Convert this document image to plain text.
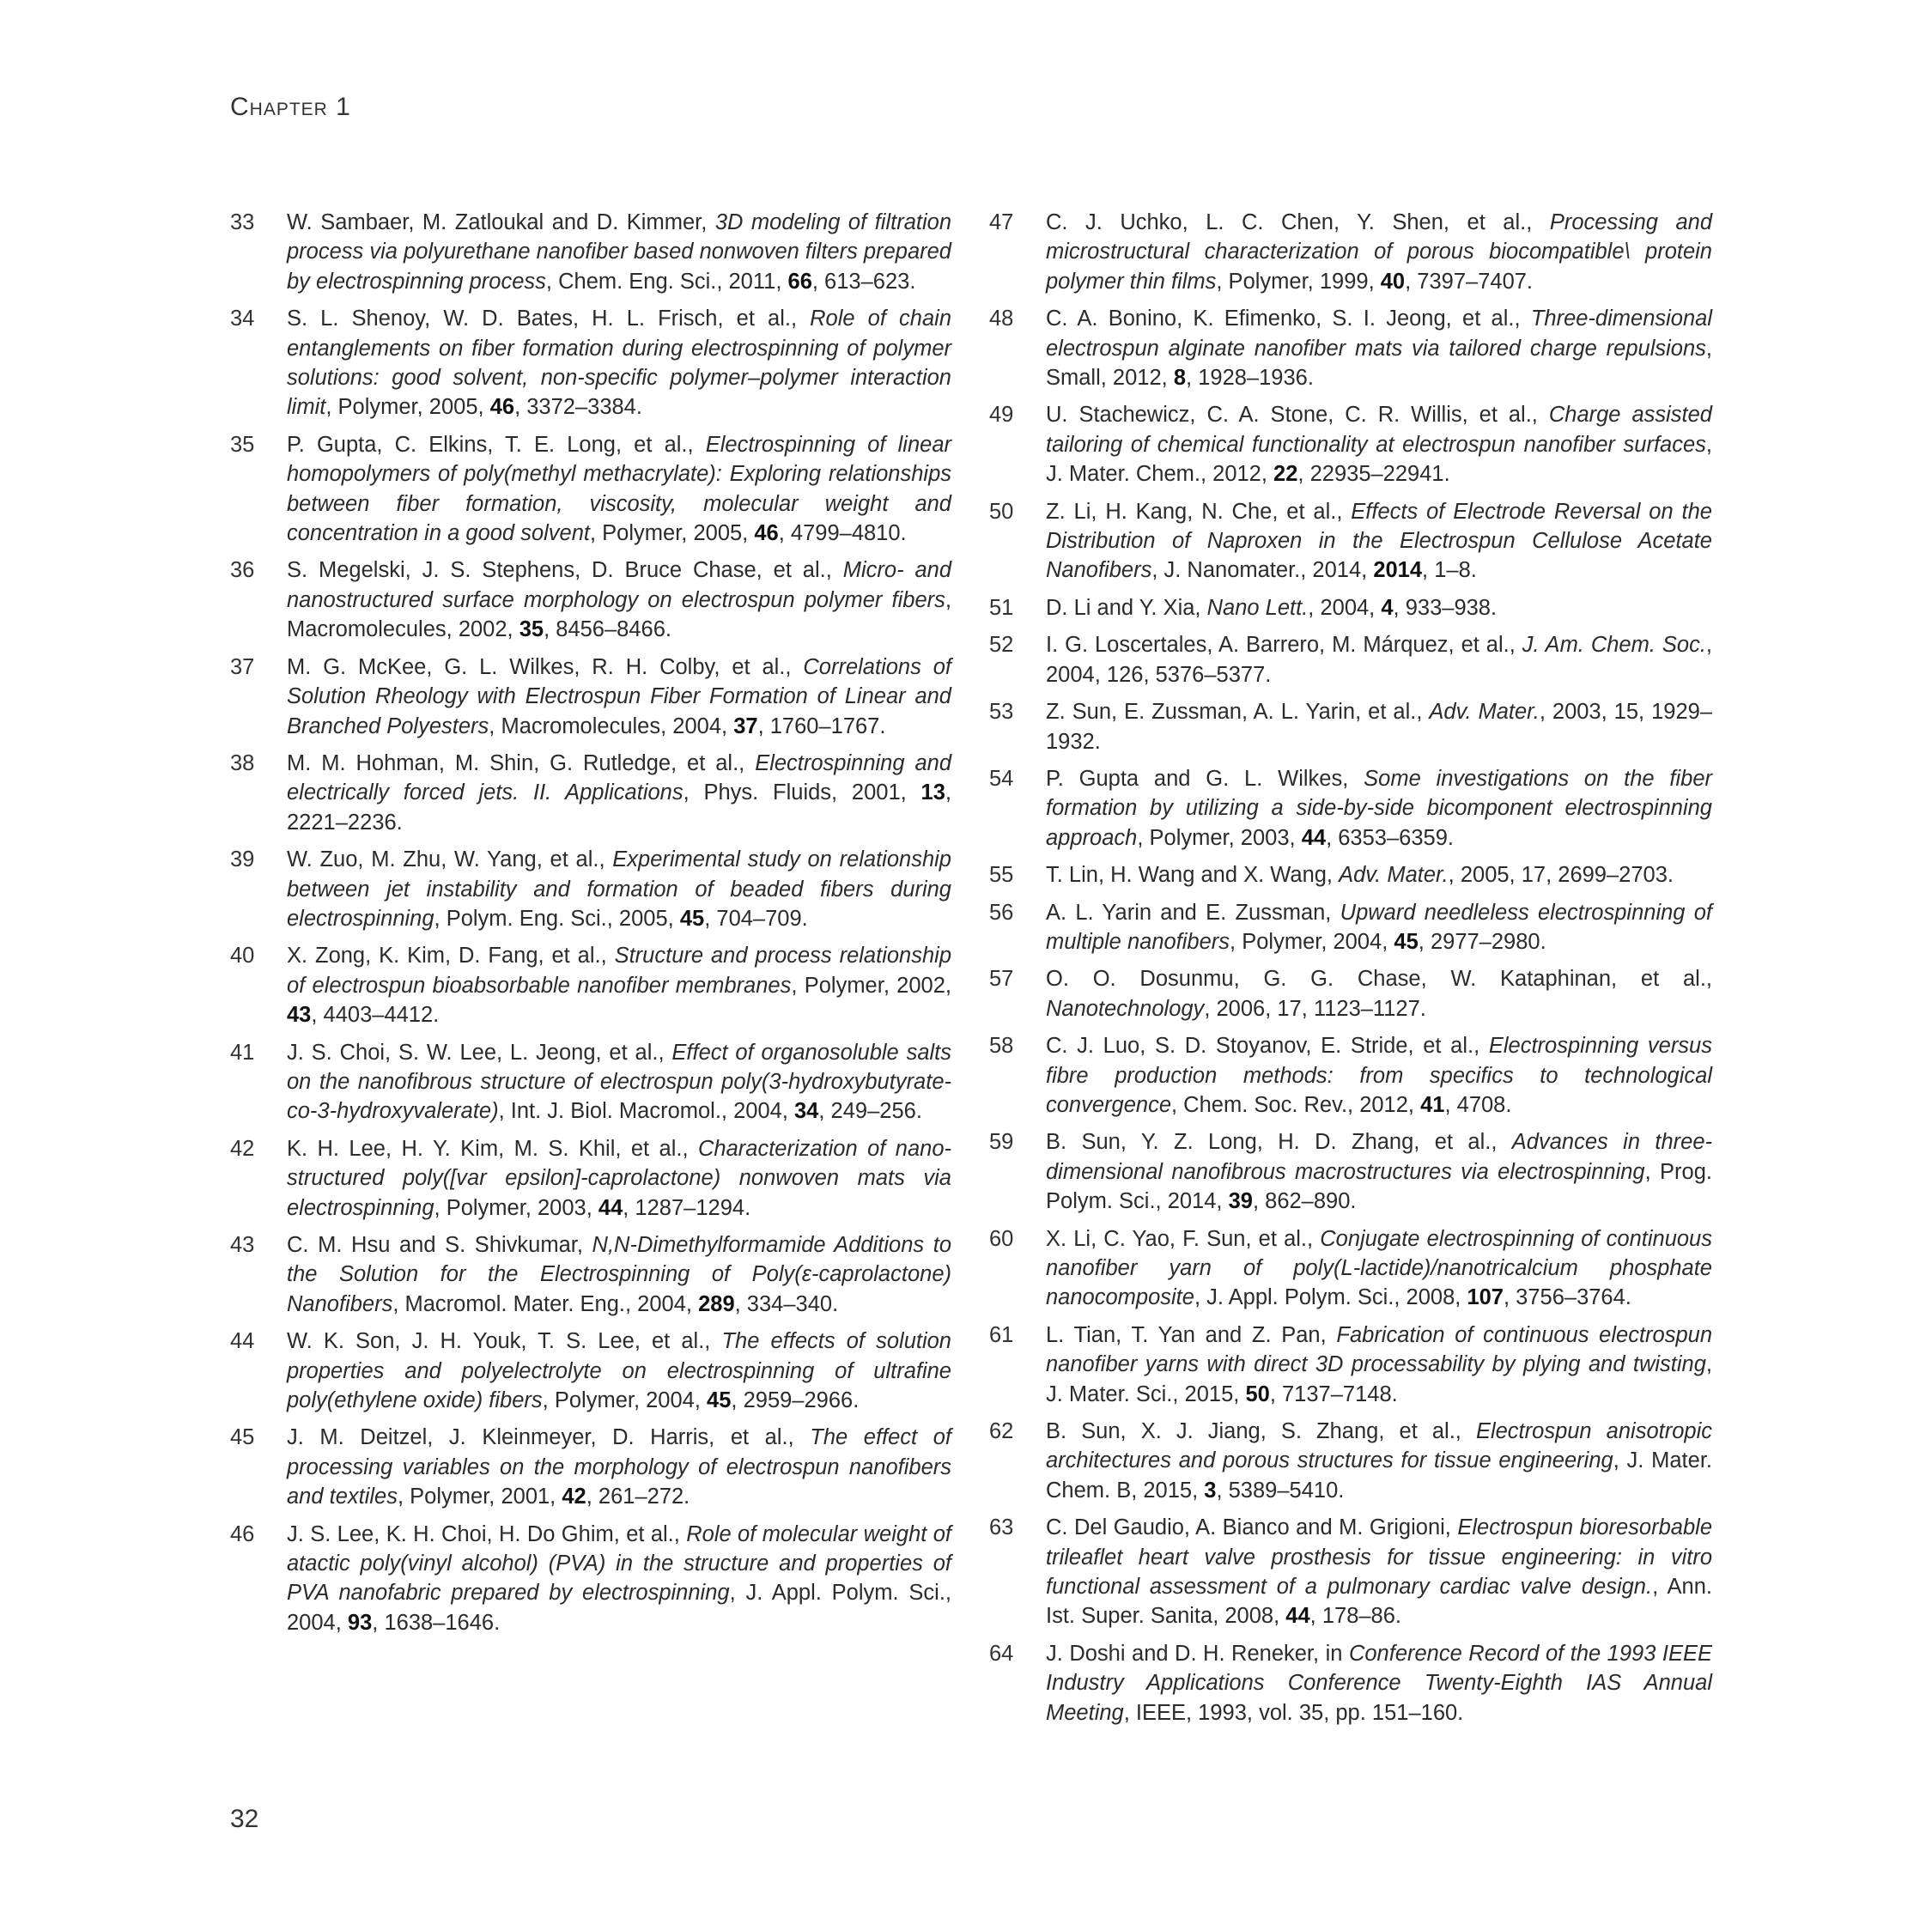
Chapter 1
33	W. Sambaer, M. Zatloukal and D. Kimmer, 3D modeling of filtration process via polyurethane nanofiber based nonwoven filters prepared by electrospinning process, Chem. Eng. Sci., 2011, 66, 613–623.
34	S. L. Shenoy, W. D. Bates, H. L. Frisch, et al., Role of chain entanglements on fiber formation during electrospinning of polymer solutions: good solvent, non-specific polymer–polymer interaction limit, Polymer, 2005, 46, 3372–3384.
35	P. Gupta, C. Elkins, T. E. Long, et al., Electrospinning of linear homopolymers of poly(methyl methacrylate): Exploring relationships between fiber formation, viscosity, molecular weight and concentration in a good solvent, Polymer, 2005, 46, 4799–4810.
36	S. Megelski, J. S. Stephens, D. Bruce Chase, et al., Micro- and nanostructured surface morphology on electrospun polymer fibers, Macromolecules, 2002, 35, 8456–8466.
37	M. G. McKee, G. L. Wilkes, R. H. Colby, et al., Correlations of Solution Rheology with Electrospun Fiber Formation of Linear and Branched Polyesters, Macromolecules, 2004, 37, 1760–1767.
38	M. M. Hohman, M. Shin, G. Rutledge, et al., Electrospinning and electrically forced jets. II. Applications, Phys. Fluids, 2001, 13, 2221–2236.
39	W. Zuo, M. Zhu, W. Yang, et al., Experimental study on relationship between jet instability and formation of beaded fibers during electrospinning, Polym. Eng. Sci., 2005, 45, 704–709.
40	X. Zong, K. Kim, D. Fang, et al., Structure and process relationship of electrospun bioabsorbable nanofiber membranes, Polymer, 2002, 43, 4403–4412.
41	J. S. Choi, S. W. Lee, L. Jeong, et al., Effect of organosoluble salts on the nanofibrous structure of electrospun poly(3-hydroxybutyrate-co-3-hydroxyvalerate), Int. J. Biol. Macromol., 2004, 34, 249–256.
42	K. H. Lee, H. Y. Kim, M. S. Khil, et al., Characterization of nano-structured poly([var epsilon]-caprolactone) nonwoven mats via electrospinning, Polymer, 2003, 44, 1287–1294.
43	C. M. Hsu and S. Shivkumar, N,N-Dimethylformamide Additions to the Solution for the Electrospinning of Poly(ε-caprolactone) Nanofibers, Macromol. Mater. Eng., 2004, 289, 334–340.
44	W. K. Son, J. H. Youk, T. S. Lee, et al., The effects of solution properties and polyelectrolyte on electrospinning of ultrafine poly(ethylene oxide) fibers, Polymer, 2004, 45, 2959–2966.
45	J. M. Deitzel, J. Kleinmeyer, D. Harris, et al., The effect of processing variables on the morphology of electrospun nanofibers and textiles, Polymer, 2001, 42, 261–272.
46	J. S. Lee, K. H. Choi, H. Do Ghim, et al., Role of molecular weight of atactic poly(vinyl alcohol) (PVA) in the structure and properties of PVA nanofabric prepared by electrospinning, J. Appl. Polym. Sci., 2004, 93, 1638–1646.
47	C. J. Uchko, L. C. Chen, Y. Shen, et al., Processing and microstructural characterization of porous biocompatible\ protein polymer thin films, Polymer, 1999, 40, 7397–7407.
48	C. A. Bonino, K. Efimenko, S. I. Jeong, et al., Three-dimensional electrospun alginate nanofiber mats via tailored charge repulsions, Small, 2012, 8, 1928–1936.
49	U. Stachewicz, C. A. Stone, C. R. Willis, et al., Charge assisted tailoring of chemical functionality at electrospun nanofiber surfaces, J. Mater. Chem., 2012, 22, 22935–22941.
50	Z. Li, H. Kang, N. Che, et al., Effects of Electrode Reversal on the Distribution of Naproxen in the Electrospun Cellulose Acetate Nanofibers, J. Nanomater., 2014, 2014, 1–8.
51	D. Li and Y. Xia, Nano Lett., 2004, 4, 933–938.
52	I. G. Loscertales, A. Barrero, M. Márquez, et al., J. Am. Chem. Soc., 2004, 126, 5376–5377.
53	Z. Sun, E. Zussman, A. L. Yarin, et al., Adv. Mater., 2003, 15, 1929–1932.
54	P. Gupta and G. L. Wilkes, Some investigations on the fiber formation by utilizing a side-by-side bicomponent electrospinning approach, Polymer, 2003, 44, 6353–6359.
55	T. Lin, H. Wang and X. Wang, Adv. Mater., 2005, 17, 2699–2703.
56	A. L. Yarin and E. Zussman, Upward needleless electrospinning of multiple nanofibers, Polymer, 2004, 45, 2977–2980.
57	O. O. Dosunmu, G. G. Chase, W. Kataphinan, et al., Nanotechnology, 2006, 17, 1123–1127.
58	C. J. Luo, S. D. Stoyanov, E. Stride, et al., Electrospinning versus fibre production methods: from specifics to technological convergence, Chem. Soc. Rev., 2012, 41, 4708.
59	B. Sun, Y. Z. Long, H. D. Zhang, et al., Advances in three-dimensional nanofibrous macrostructures via electrospinning, Prog. Polym. Sci., 2014, 39, 862–890.
60	X. Li, C. Yao, F. Sun, et al., Conjugate electrospinning of continuous nanofiber yarn of poly(L-lactide)/nanotricalcium phosphate nanocomposite, J. Appl. Polym. Sci., 2008, 107, 3756–3764.
61	L. Tian, T. Yan and Z. Pan, Fabrication of continuous electrospun nanofiber yarns with direct 3D processability by plying and twisting, J. Mater. Sci., 2015, 50, 7137–7148.
62	B. Sun, X. J. Jiang, S. Zhang, et al., Electrospun anisotropic architectures and porous structures for tissue engineering, J. Mater. Chem. B, 2015, 3, 5389–5410.
63	C. Del Gaudio, A. Bianco and M. Grigioni, Electrospun bioresorbable trileaflet heart valve prosthesis for tissue engineering: in vitro functional assessment of a pulmonary cardiac valve design., Ann. Ist. Super. Sanita, 2008, 44, 178–86.
64	J. Doshi and D. H. Reneker, in Conference Record of the 1993 IEEE Industry Applications Conference Twenty-Eighth IAS Annual Meeting, IEEE, 1993, vol. 35, pp. 151–160.
32
